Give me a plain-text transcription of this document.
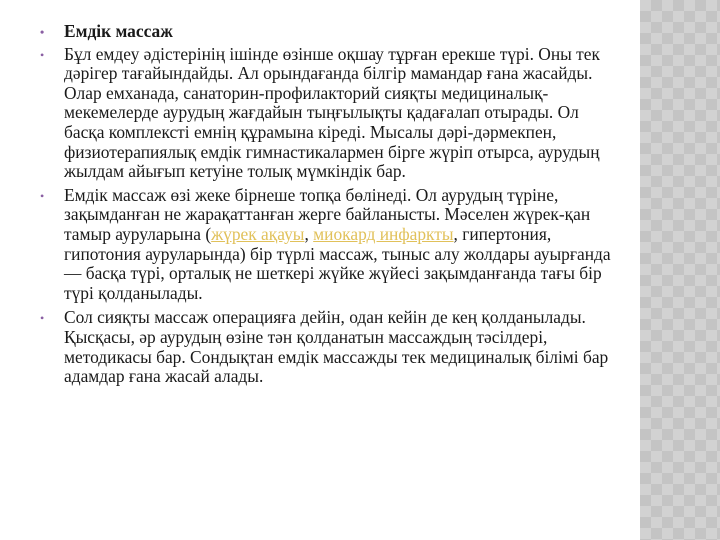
• Емдік массаж
• Бұл емдеу әдістерінің ішінде өзінше оқшау тұрған ерекше түрі. Оны тек дәрігер тағайындайды. Ал орындағанда білгір мамандар ғана жасайды. Олар емханада, санаторин-профилакторий сияқты медициналық-мекемелерде аурудың жағдайын тыңғылықты қадағалап отырады. Ол басқа комплексті емнің құрамына кіреді. Мысалы дәрі-дәрмекпен, физиотерапиялық емдік гимнастикалармен бірге жүріп отырса, аурудың жылдам айығып кетуіне толық мүмкіндік бар.
• Емдік массаж өзі жеке бірнеше топқа бөлінеді. Ол аурудың түріне, зақымданған не жарақаттанған жерге байланысты. Мәселен жүрек-қан тамыр ауруларына (жүрек ақауы, миокард инфаркты, гипертония, гипотония ауруларында) бір түрлі массаж, тыныс алу жолдары ауырғанда — басқа түрі, орталық не шеткері жүйке жүйесі зақымданғанда тағы бір түрі қолданылады.
• Сол сияқты массаж операцияға дейін, одан кейін де кең қолданылады. Қысқасы, әр аурудың өзіне тән қолданатын массаждың тәсілдері, методикасы бар. Сондықтан емдік массажды тек медициналық білімі бар адамдар ғана жасай алады.
